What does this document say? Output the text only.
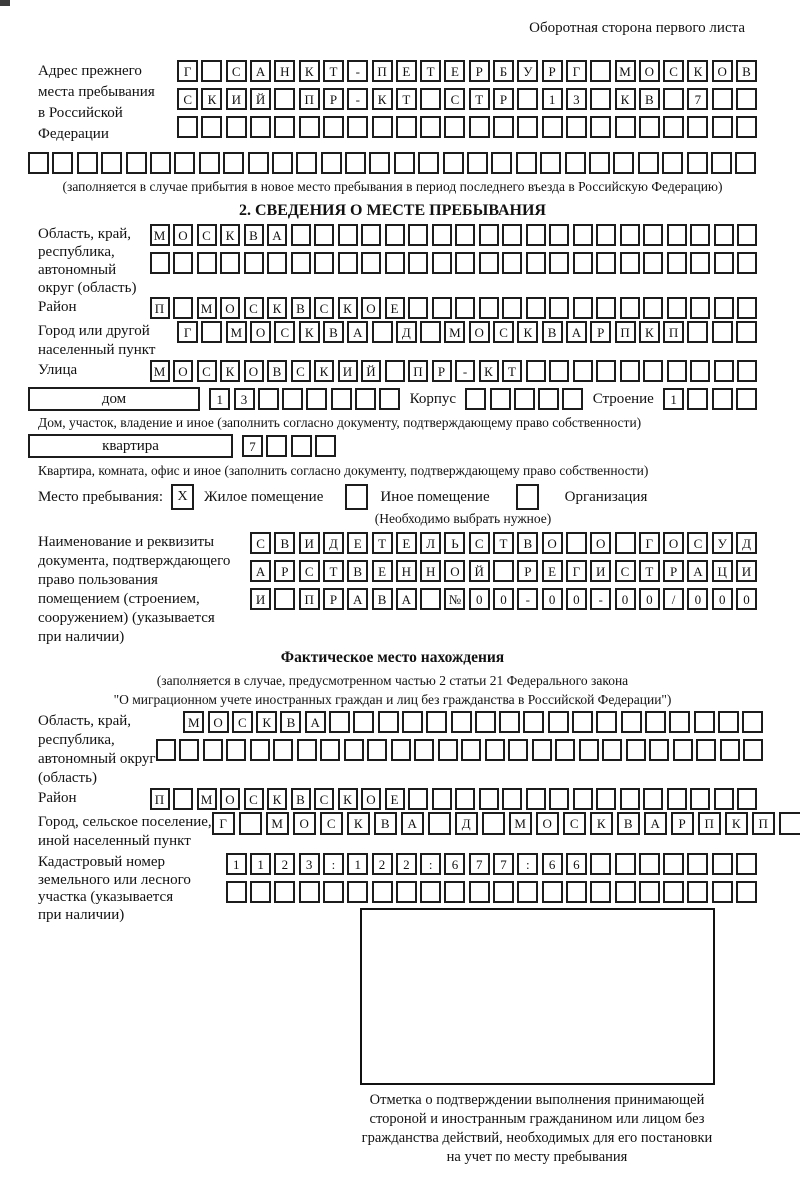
Оборотная сторона первого листа
Адрес прежнего
места пребывания
в Российской
Федерации
Г	С	А	Н	К	Т	-	П	Е	Т	Е	Р	Б	У	Р	Г	М	О	С	К	О	В
С	К	И	Й	П	Р	-	К	Т	С	Т	Р	1	3	К	В	7
(заполняется в случае прибытия в новое место пребывания в период последнего въезда в Российскую Федерацию)
2. СВЕДЕНИЯ О МЕСТЕ ПРЕБЫВАНИЯ
Область, край,
республика,
автономный
округ (область)
М	О	С	К	В	А
Район	П	М	О	С	К	В	С	К	О	Е
Город или другой
населенный пункт
Г	М	О	С	К	В	А	Д	М	О	С	К	В	А	Р	П	К	П
Улица	М	О	С	К	О	В	С	К	И	Й	П	Р	-	К	Т
дом	1	3	Корпус	Строение	1
Дом, участок, владение и иное (заполнить согласно документу, подтверждающему право собственности)
квартира	7
Квартира, комната, офис и иное (заполнить согласно документу, подтверждающему право собственности)
Место пребывания:	X	Жилое помещение	Иное помещение	Организация
(Необходимо выбрать нужное)
Наименование и реквизиты
документа, подтверждающего
право пользования
помещением (строением,
сооружением) (указывается
при наличии)
С	В	И	Д	Е	Т	Е	Л	Ь	С	Т	В	О	О	Г	О	С	У	Д
А	Р	С	Т	В	Е	Н	Н	О	Й	Р	Е	Г	И	С	Т	Р	А	Ц	И
И	П	Р	А	В	А	№	0	0	-	0	0	-	0	0	/	0	0	0
Фактическое место нахождения
(заполняется в случае, предусмотренном частью 2 статьи 21 Федерального закона
"О миграционном учете иностранных граждан и лиц без гражданства в Российской Федерации")
Область, край,
республика,
автономный округ
(область)
М	О	С	К	В	А
Район	П	М	О	С	К	В	С	К	О	Е
Город, сельское поселение,
иной населенный пункт
Г	М	О	С	К	В	А	Д	М	О	С	К	В	А	Р	П	К	П
Кадастровый номер
земельного или лесного
участка (указывается
при наличии)
1	1	2	3	:	1	2	2	:	6	7	7	:	6	6
Отметка о подтверждении выполнения принимающей
стороной и иностранным гражданином или лицом без
гражданства действий, необходимых для его постановки
на учет по месту пребывания
